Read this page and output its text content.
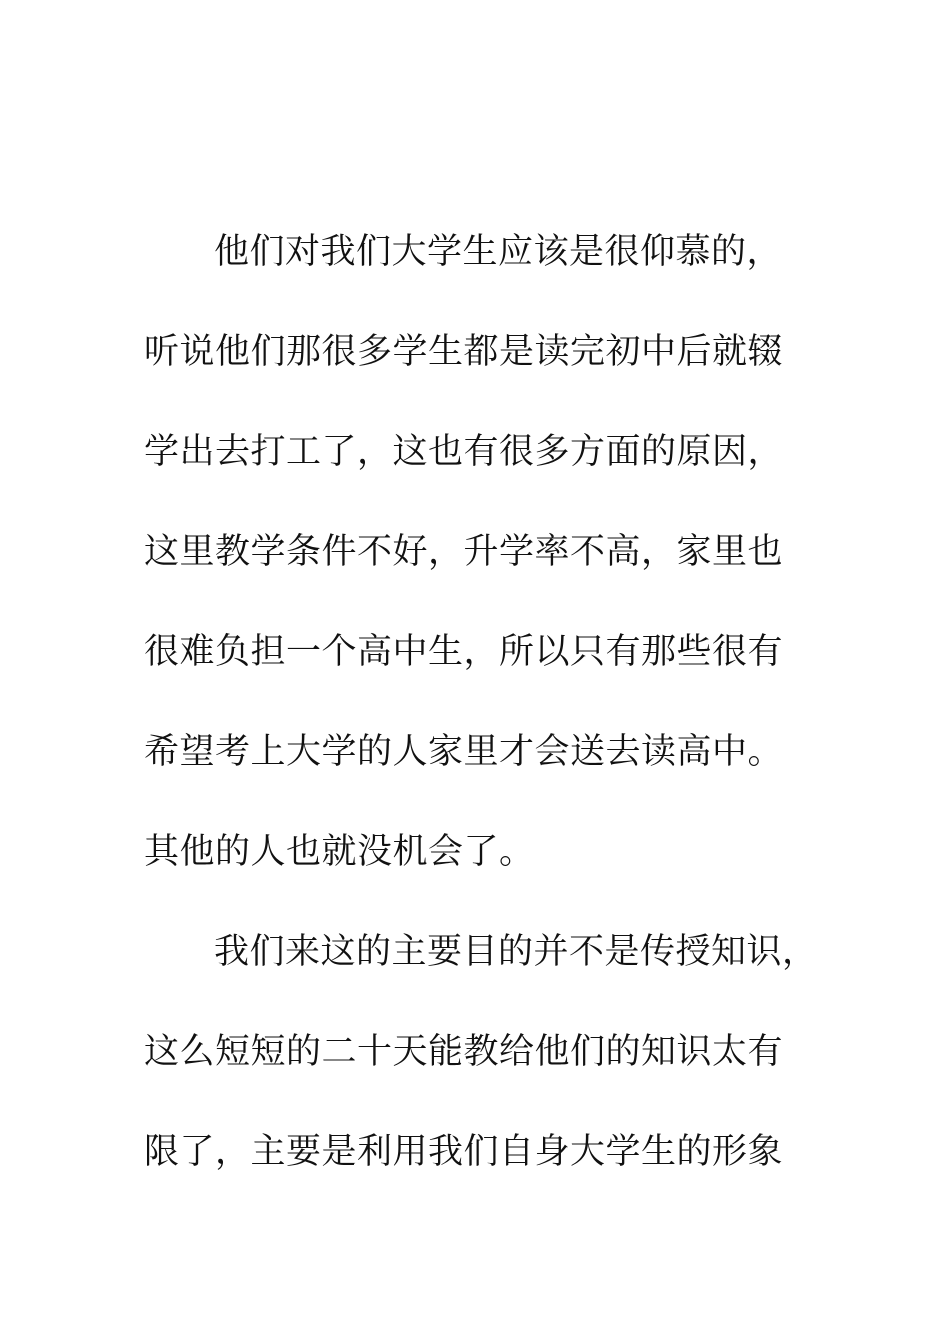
他们对我们大学生应该是很仰慕的，
听说他们那很多学生都是读完初中后就辍
学出去打工了，这也有很多方面的原因，
这里教学条件不好，升学率不高，家里也
很难负担一个高中生，所以只有那些很有
希望考上大学的人家里才会送去读高中。
其他的人也就没机会了。
我们来这的主要目的并不是传授知识，
这么短短的二十天能教给他们的知识太有
限了，主要是利用我们自身大学生的形象
